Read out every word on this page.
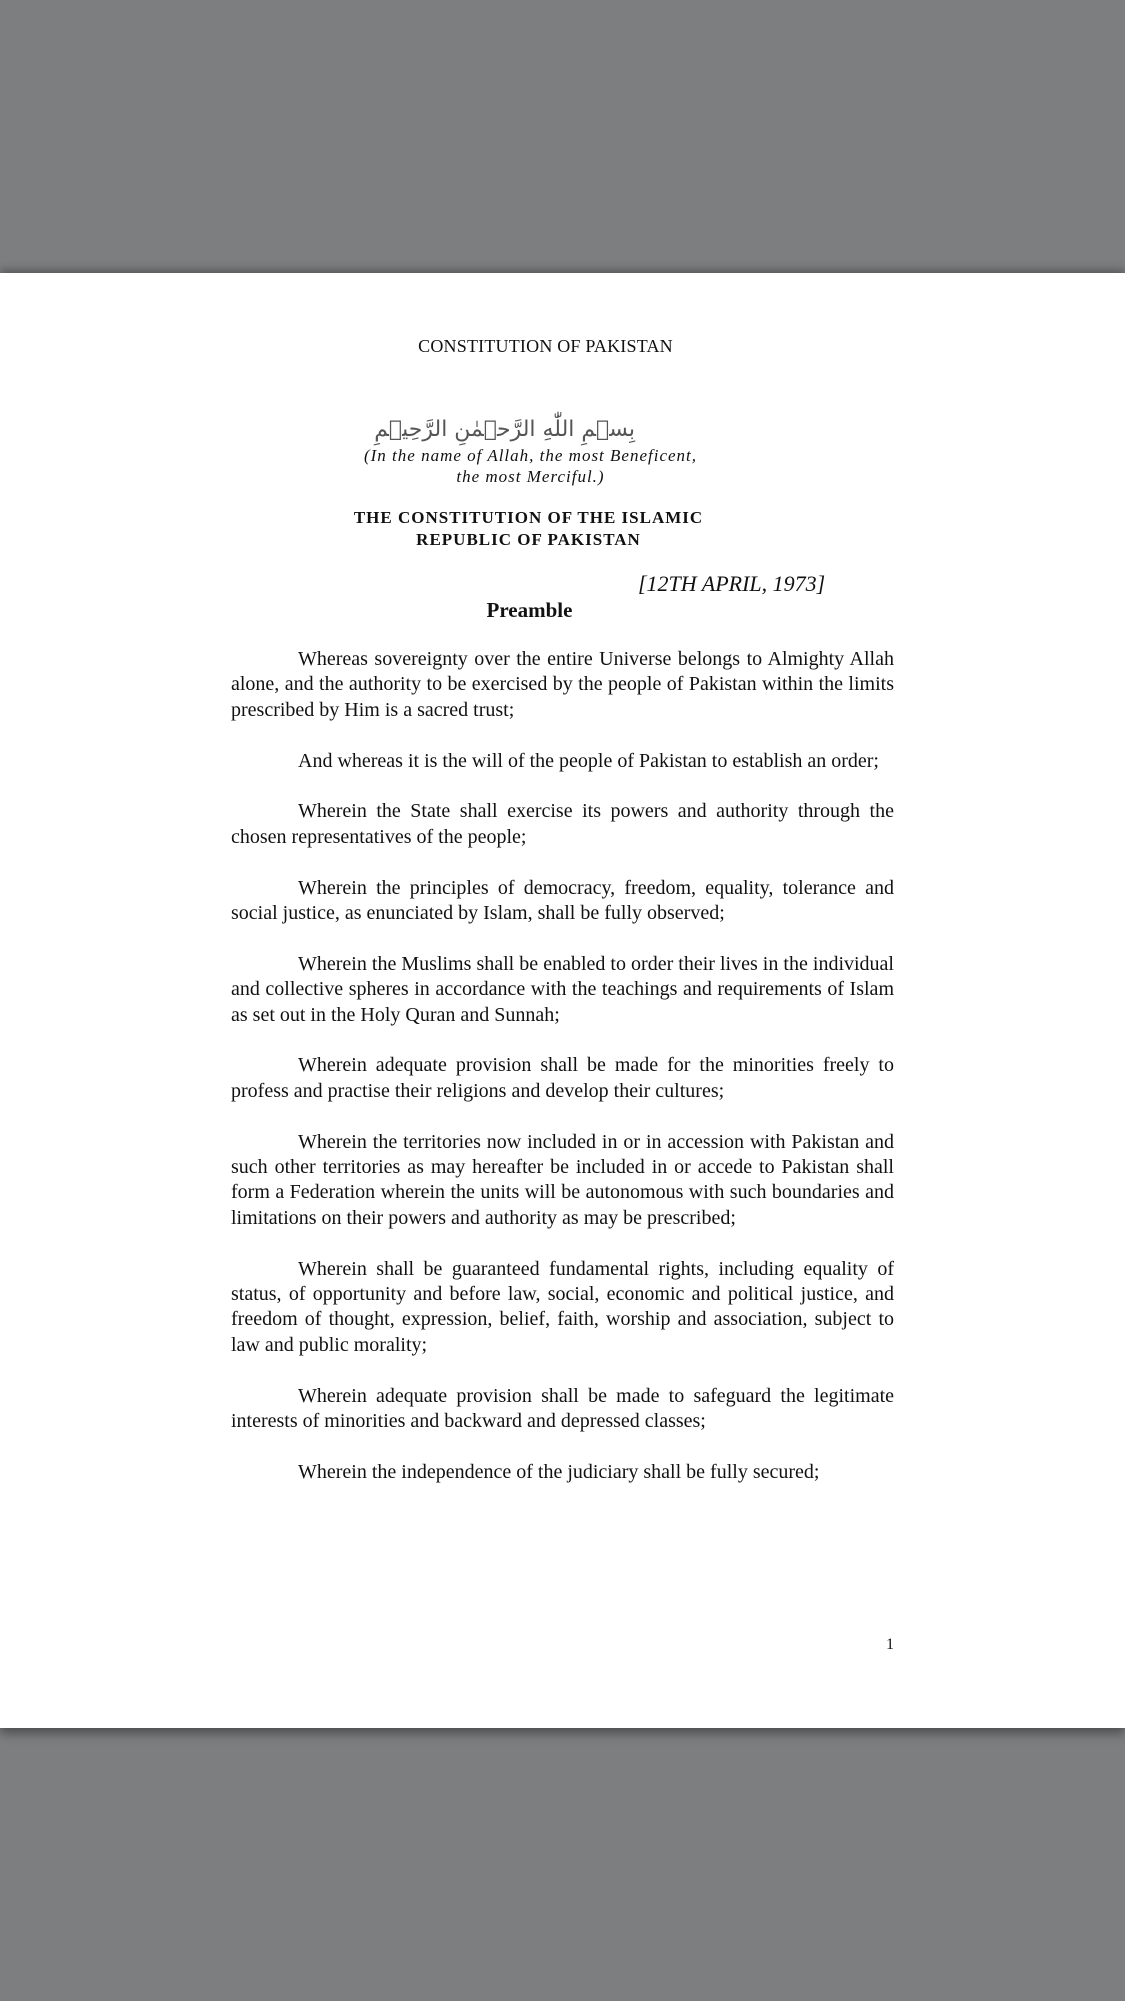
CONSTITUTION OF PAKISTAN
بِسۡمِ اللّٰهِ الرَّحۡمٰنِ الرَّحِيۡمِ
(In the name of Allah, the most Beneficent,
the most Merciful.)
THE CONSTITUTION OF THE ISLAMIC
REPUBLIC OF PAKISTAN
[12TH APRIL, 1973]
Preamble

Whereas sovereignty over the entire Universe belongs to Almighty Allah alone, and the authority to be exercised by the people of Pakistan within the limits prescribed by Him is a sacred trust;

And whereas it is the will of the people of Pakistan to establish an order;

Wherein the State shall exercise its powers and authority through the chosen representatives of the people;

Wherein the principles of democracy, freedom, equality, tolerance and social justice, as enunciated by Islam, shall be fully observed;

Wherein the Muslims shall be enabled to order their lives in the individual and collective spheres in accordance with the teachings and requirements of Islam as set out in the Holy Quran and Sunnah;

Wherein adequate provision shall be made for the minorities freely to profess and practise their religions and develop their cultures;

Wherein the territories now included in or in accession with Pakistan and such other territories as may hereafter be included in or accede to Pakistan shall form a Federation wherein the units will be autonomous with such boundaries and limitations on their powers and authority as may be prescribed;

Wherein shall be guaranteed fundamental rights, including equality of status, of opportunity and before law, social, economic and political justice, and freedom of thought, expression, belief, faith, worship and association, subject to law and public morality;

Wherein adequate provision shall be made to safeguard the legitimate interests of minorities and backward and depressed classes;

Wherein the independence of the judiciary shall be fully secured;

1
